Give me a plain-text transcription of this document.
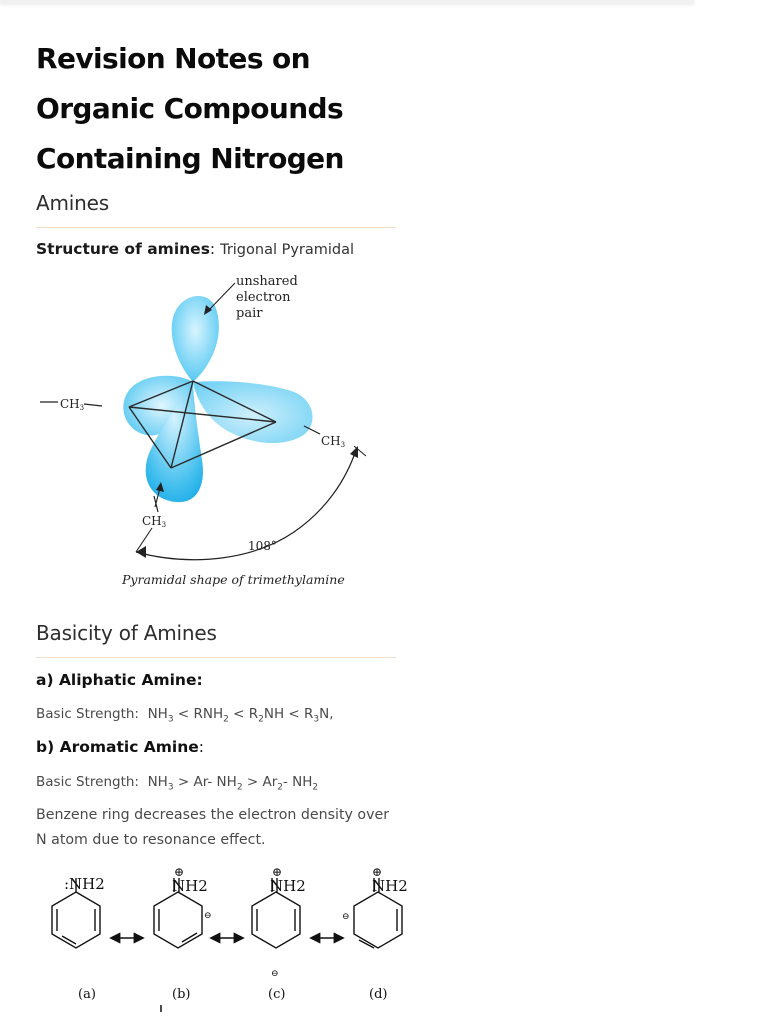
Revision Notes on Organic Compounds Containing Nitrogen
Amines

Structure of amines: Trigonal Pyramidal

unshared
electron
pair
CH3
CH3
CH3
108°
Pyramidal shape of trimethylamine
Basicity of Amines

a) Aliphatic Amine:

Basic Strength: $NH_3 < RNH_2 < R_2NH < R_3N$,

b) Aromatic Amine:

Basic Strength: $NH_3 > Ar-$ $NH_2 > Ar_2-$ $NH_2$

Benzene ring decreases the electron density over N atom due to resonance effect.

:NH2	NH2	NH2	NH2
⊕	⊕	⊕
⊖
⊖
⊖
(a)	(b)	(c)	(d)
